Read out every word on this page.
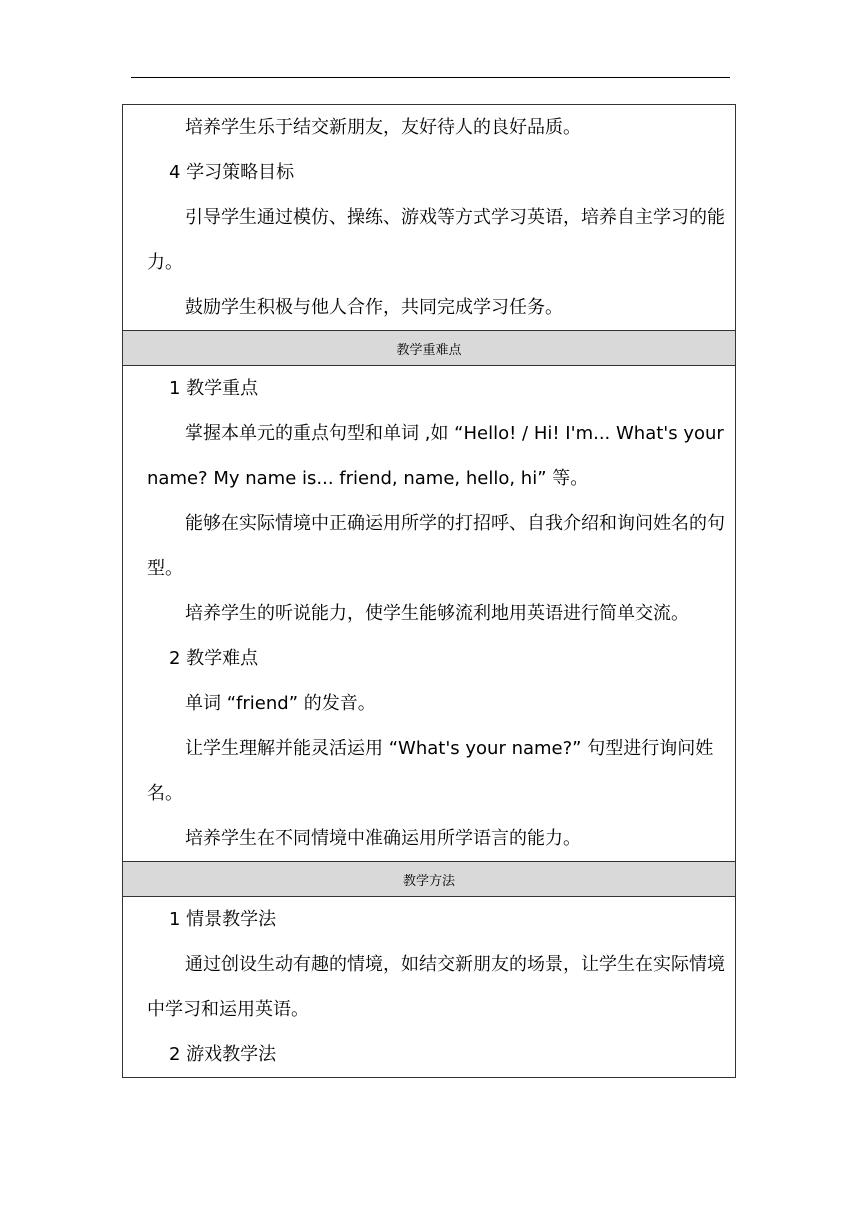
培养学生乐于结交新朋友，友好待人的良好品质。

4 学习策略目标

引导学生通过模仿、操练、游戏等方式学习英语，培养自主学习的能力。

鼓励学生积极与他人合作，共同完成学习任务。

教学重难点

1 教学重点

掌握本单元的重点句型和单词 ,如 “Hello! / Hi! I'm... What's your name? My name is... friend, name, hello, hi” 等。

能够在实际情境中正确运用所学的打招呼、自我介绍和询问姓名的句型。

培养学生的听说能力，使学生能够流利地用英语进行简单交流。

2 教学难点

单词 “friend” 的发音。

让学生理解并能灵活运用 “What's your name?” 句型进行询问姓名。

培养学生在不同情境中准确运用所学语言的能力。

教学方法

1 情景教学法

通过创设生动有趣的情境，如结交新朋友的场景，让学生在实际情境中学习和运用英语。

2 游戏教学法
